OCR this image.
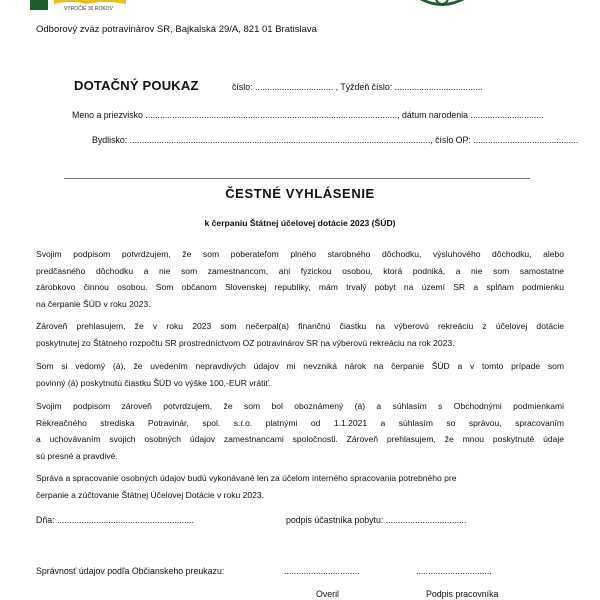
VÝROČIE 30 ROKOV
Odborový zväz potravinárov SR, Bajkalská 29/A, 821 01 Bratislava
DOTAČNÝ POUKAZ	číslo: ................................ , Týždeň číslo: ....................................
Meno a priezvisko ......................................................................................................., dátum narodenia ..............................
Bydlisko: ..........................................................................................................................., číslo OP: ...........................................
ČESTNÉ VYHLÁSENIE
k čerpaniu Štátnej účelovej dotácie 2023 (ŠÚD)
Svojim podpisom potvrdzujem, že som poberateľom plného starobného dôchodku, výsluhového dôchodku, alebo
predčasného dôchodku a nie som zamestnancom, ani fyzickou osobou, ktorá podniká, a nie som samostatne
zárobkovo činnou osobou. Som občanom Slovenskej republiky, mám trvalý pobyt na území SR a spĺňam podmienku
na čerpanie ŠÚD v roku 2023.
Zároveň prehlasujem, že v roku 2023 som nečerpal(a) finančnú čiastku na výberovú rekreáciu z účelovej dotácie
poskytnutej zo Štátneho rozpočtu SR prostredníctvom OZ potravinárov SR na výberovú rekreáciu na rok 2023.
Som si vedomý (á), že uvedením nepravdivých údajov mi nevzniká nárok na čerpanie ŠÚD a v tomto prípade som
povinný (á) poskytnutú čiastku ŠÚD vo výške 100,-EUR vrátiť.
Svojim podpisom zároveň potvrdzujem, že som bol oboznámený (á) a súhlasím s Obchodnými podmienkami
Rekreačného strediska Potravinár, spol. s.r.o. platnými od 1.1.2021 a súhlasím so správou, spracovaním
a uchovávaním svojich osobných údajov zamestnancami spoločnosti. Zároveň prehlasujem, že mnou poskytnuté údaje
sú presné a pravdivé.
Správa a spracovanie osobných údajov budú vykonávané len za účelom interného spracovania potrebného pre
čerpanie a zúčtovanie Štátnej Účelovej Dotácie v roku 2023.
Dňa: ........................................................	podpis účastníka pobytu: .................................
Správnosť údajov podľa Občianskeho preukazu:	...............................	...............................
Overil	Podpis pracovníka
